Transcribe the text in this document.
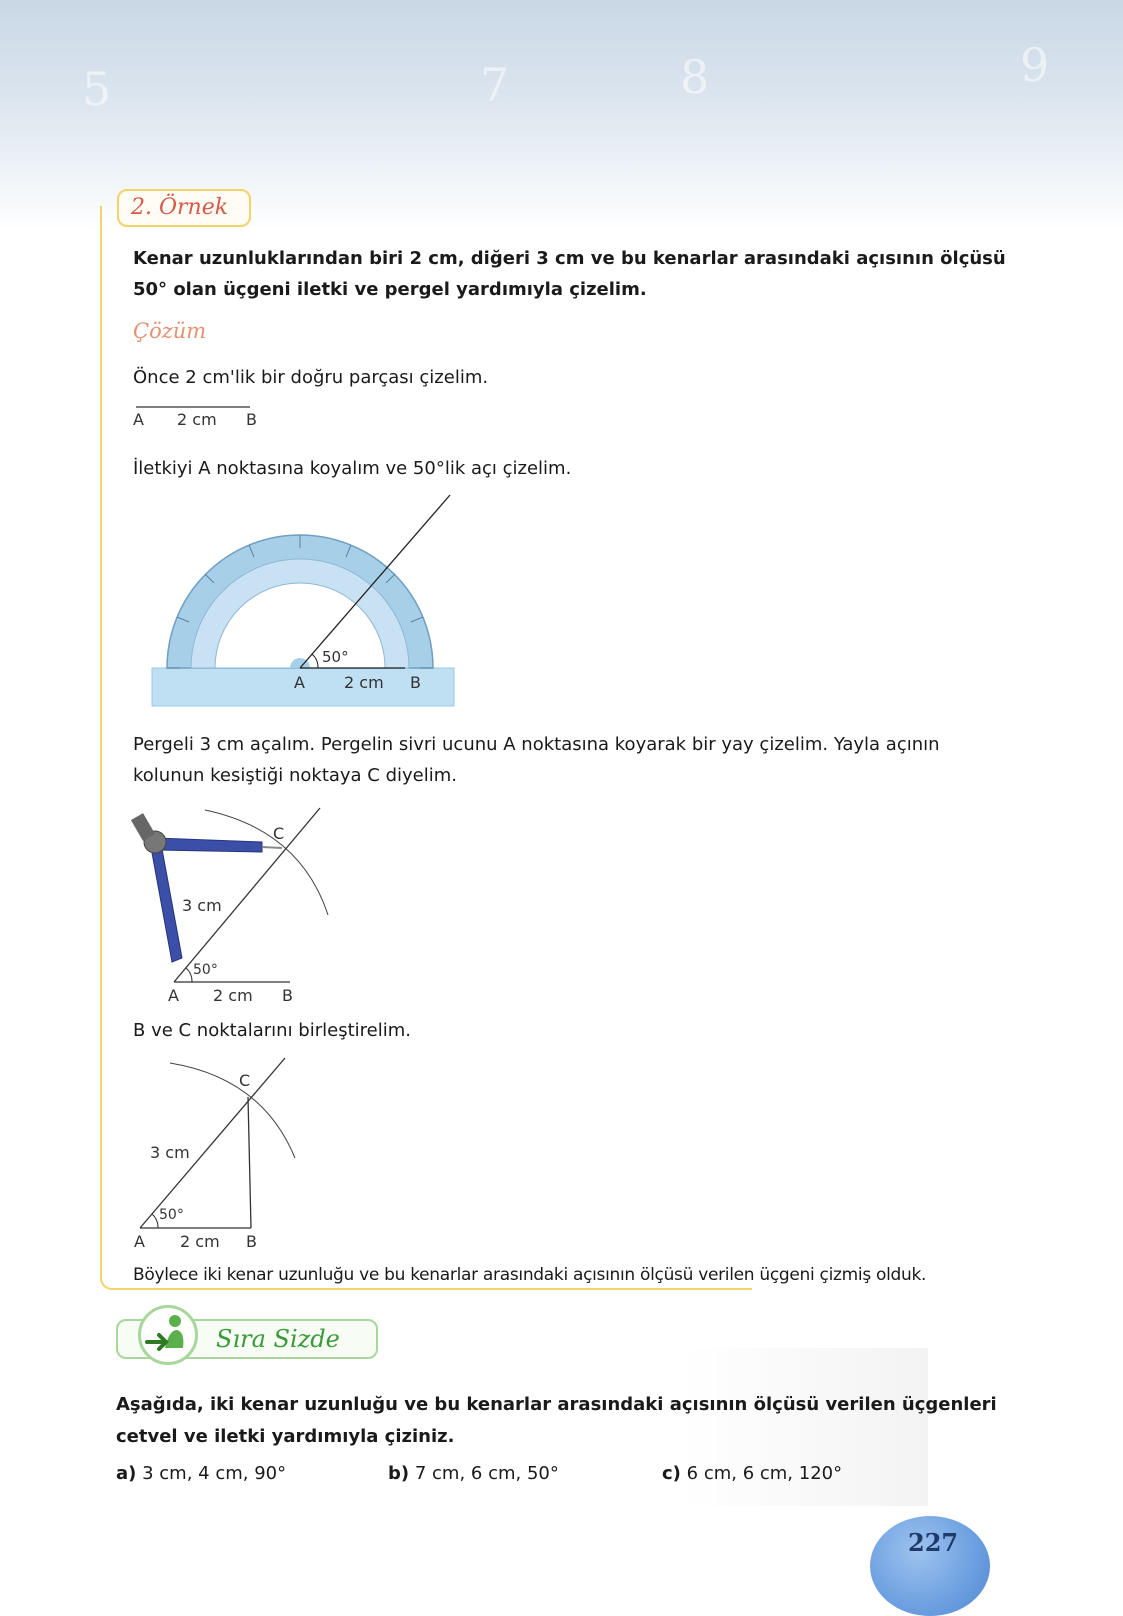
5	7	8	9
2. Örnek
Kenar uzunluklarından biri 2 cm, diğeri 3 cm ve bu kenarlar arasındaki açısının ölçüsü
50° olan üçgeni iletki ve pergel yardımıyla çizelim.
Çözüm
Önce 2 cm'lik bir doğru parçası çizelim.
A 2 cm B
İletkiyi A noktasına koyalım ve 50°lik açı çizelim.
50°
A 2 cm B
Pergeli 3 cm açalım. Pergelin sivri ucunu A noktasına koyarak bir yay çizelim. Yayla açının
kolunun kesiştiği noktaya C diyelim.
C
3 cm
50°
A 2 cm B
B ve C noktalarını birleştirelim.
C
3 cm
50°
A 2 cm B
Böylece iki kenar uzunluğu ve bu kenarlar arasındaki açısının ölçüsü verilen üçgeni çizmiş olduk.
Sıra Sizde
Aşağıda, iki kenar uzunluğu ve bu kenarlar arasındaki açısının ölçüsü verilen üçgenleri
cetvel ve iletki yardımıyla çiziniz.
a) 3 cm, 4 cm, 90°	b) 7 cm, 6 cm, 50°	c) 6 cm, 6 cm, 120°
227
